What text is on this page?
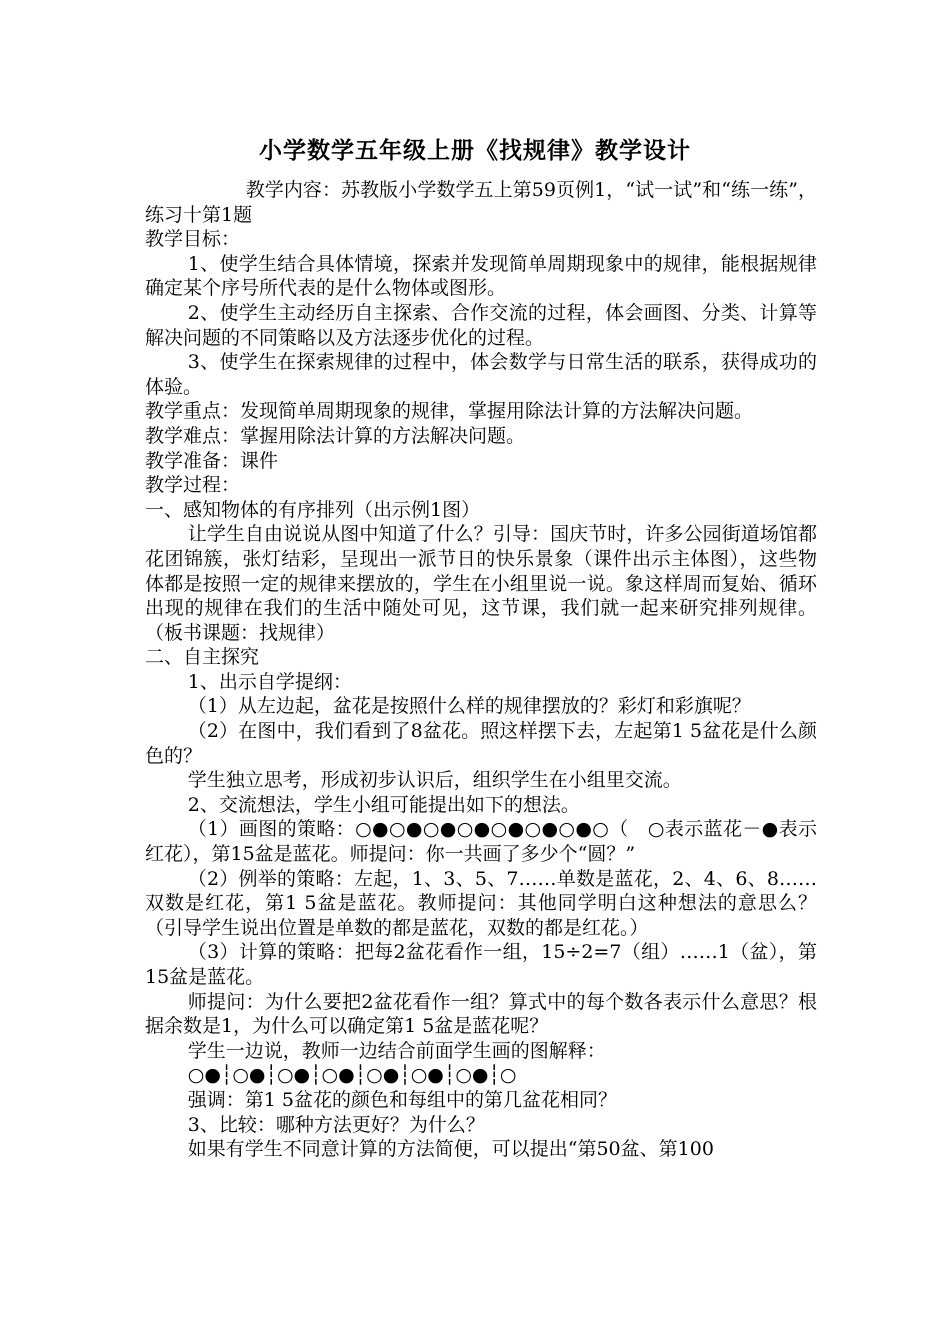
小学数学五年级上册《找规律》教学设计

教学内容：苏教版小学数学五上第59页例1，“试一试”和“练一练”，练习十第1题

教学目标：

1、使学生结合具体情境，探索并发现简单周期现象中的规律，能根据规律确定某个序号所代表的是什么物体或图形。

2、使学生主动经历自主探索、合作交流的过程，体会画图、分类、计算等解决问题的不同策略以及方法逐步优化的过程。

3、使学生在探索规律的过程中，体会数学与日常生活的联系，获得成功的体验。

教学重点：发现简单周期现象的规律，掌握用除法计算的方法解决问题。

教学难点：掌握用除法计算的方法解决问题。

教学准备：课件

教学过程：

一、感知物体的有序排列（出示例1图）

让学生自由说说从图中知道了什么？引导：国庆节时，许多公园街道场馆都花团锦簇，张灯结彩，呈现出一派节日的快乐景象（课件出示主体图），这些物体都是按照一定的规律来摆放的，学生在小组里说一说。象这样周而复始、循环出现的规律在我们的生活中随处可见，这节课，我们就一起来研究排列规律。（板书课题：找规律）

二、自主探究

1、出示自学提纲：

（1）从左边起，盆花是按照什么样的规律摆放的？彩灯和彩旗呢？

（2）在图中，我们看到了8盆花。照这样摆下去，左起第1 5盆花是什么颜色的？

学生独立思考，形成初步认识后，组织学生在小组里交流。

2、交流想法，学生小组可能提出如下的想法。

（1）画图的策略：○●○●○●○●○●○●○●○（　○表示蓝花－●表示红花），第15盆是蓝花。师提问：你一共画了多少个“圆？”

（2）例举的策略：左起，1、3、5、7……单数是蓝花，2、4、6、8……双数是红花，第1 5盆是蓝花。教师提问：其他同学明白这种想法的意思么？（引导学生说出位置是单数的都是蓝花，双数的都是红花。）

（3）计算的策略：把每2盆花看作一组，15÷2=7（组）……1（盆），第15盆是蓝花。

师提问：为什么要把2盆花看作一组？算式中的每个数各表示什么意思？根据余数是1，为什么可以确定第1 5盆是蓝花呢？

学生一边说，教师一边结合前面学生画的图解释：

○●┆○●┆○●┆○●┆○●┆○●┆○●┆○

强调：第1 5盆花的颜色和每组中的第几盆花相同？

3、比较：哪种方法更好？为什么？

如果有学生不同意计算的方法简便，可以提出“第50盆、第100
